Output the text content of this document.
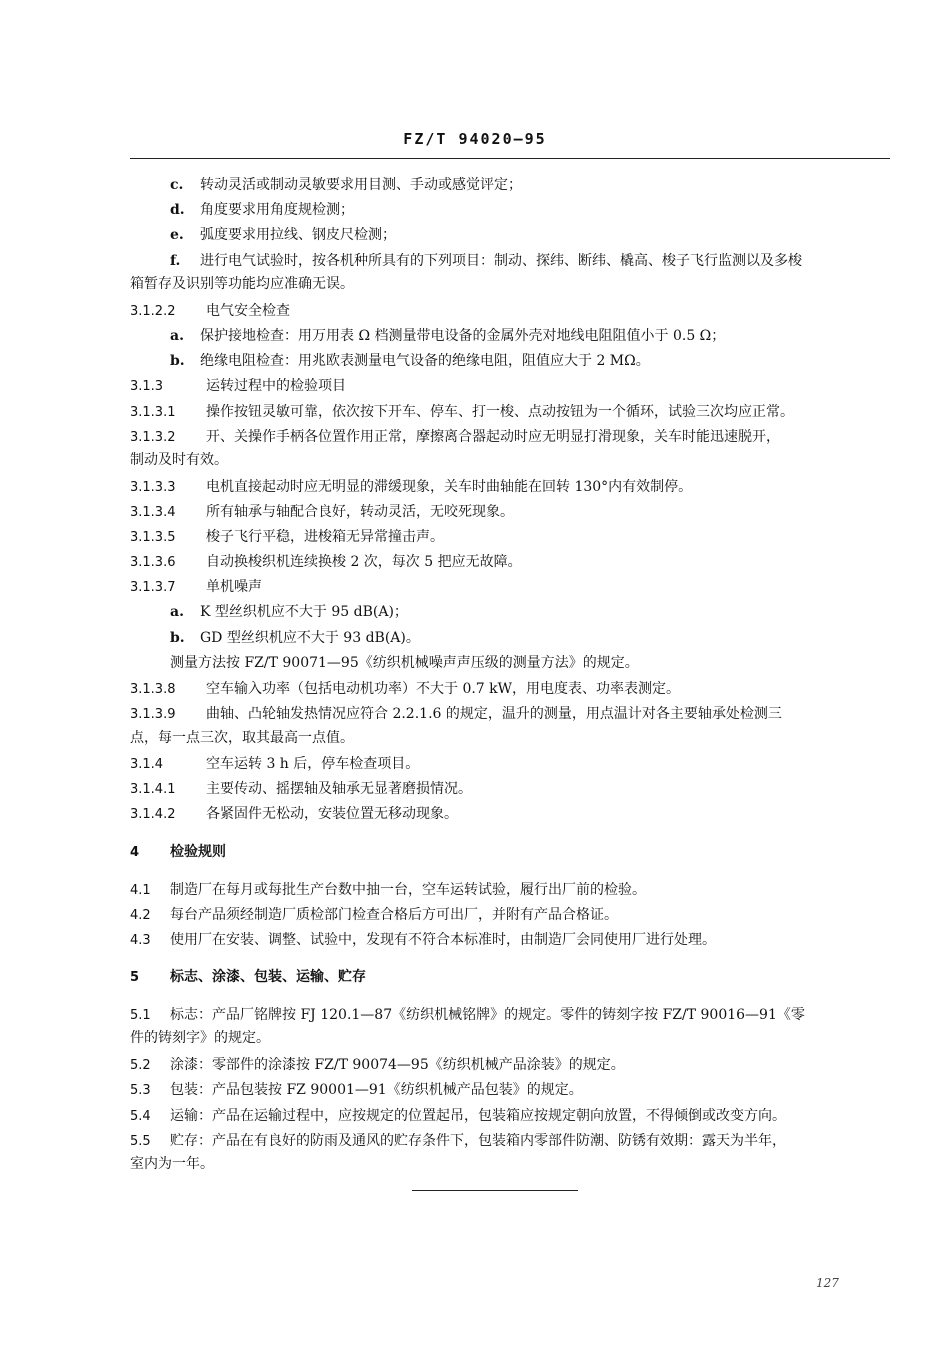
FZ/T 94020—95
c. 转动灵活或制动灵敏要求用目测、手动或感觉评定；
d. 角度要求用角度规检测；
e. 弧度要求用拉线、钢皮尺检测；
f. 进行电气试验时，按各机种所具有的下列项目：制动、探纬、断纬、橇高、梭子飞行监测以及多梭
箱暂存及识别等功能均应准确无误。
3.1.2.2 电气安全检查
a. 保护接地检查：用万用表 Ω 档测量带电设备的金属外壳对地线电阻阻值小于 0.5 Ω；
b. 绝缘电阻检查：用兆欧表测量电气设备的绝缘电阻，阻值应大于 2 MΩ。
3.1.3	运转过程中的检验项目
3.1.3.1 操作按钮灵敏可靠，依次按下开车、停车、打一梭、点动按钮为一个循环，试验三次均应正常。
3.1.3.2 开、关操作手柄各位置作用正常，摩擦离合器起动时应无明显打滑现象，关车时能迅速脱开，
制动及时有效。
3.1.3.3 电机直接起动时应无明显的滞缓现象，关车时曲轴能在回转 130°内有效制停。
3.1.3.4 所有轴承与轴配合良好，转动灵活，无咬死现象。
3.1.3.5 梭子飞行平稳，进梭箱无异常撞击声。
3.1.3.6 自动换梭织机连续换梭 2 次，每次 5 把应无故障。
3.1.3.7 单机噪声
a. K 型丝织机应不大于 95 dB(A)；
b. GD 型丝织机应不大于 93 dB(A)。
测量方法按 FZ/T 90071—95《纺织机械噪声声压级的测量方法》的规定。
3.1.3.8 空车输入功率（包括电动机功率）不大于 0.7 kW，用电度表、功率表测定。
3.1.3.9 曲轴、凸轮轴发热情况应符合 2.2.1.6 的规定，温升的测量，用点温计对各主要轴承处检测三
点，每一点三次，取其最高一点值。
3.1.4	空车运转 3 h 后，停车检查项目。
3.1.4.1 主要传动、摇摆轴及轴承无显著磨损情况。
3.1.4.2 各紧固件无松动，安装位置无移动现象。
4 检验规则
4.1 制造厂在每月或每批生产台数中抽一台，空车运转试验，履行出厂前的检验。
4.2 每台产品须经制造厂质检部门检查合格后方可出厂，并附有产品合格证。
4.3 使用厂在安装、调整、试验中，发现有不符合本标准时，由制造厂会同使用厂进行处理。
5 标志、涂漆、包装、运输、贮存
5.1 标志：产品厂铭牌按 FJ 120.1—87《纺织机械铭牌》的规定。零件的铸刻字按 FZ/T 90016—91《零
件的铸刻字》的规定。
5.2 涂漆：零部件的涂漆按 FZ/T 90074—95《纺织机械产品涂装》的规定。
5.3 包装：产品包装按 FZ 90001—91《纺织机械产品包装》的规定。
5.4 运输：产品在运输过程中，应按规定的位置起吊，包装箱应按规定朝向放置，不得倾倒或改变方向。
5.5 贮存：产品在有良好的防雨及通风的贮存条件下，包装箱内零部件防潮、防锈有效期：露天为半年，
室内为一年。
127
